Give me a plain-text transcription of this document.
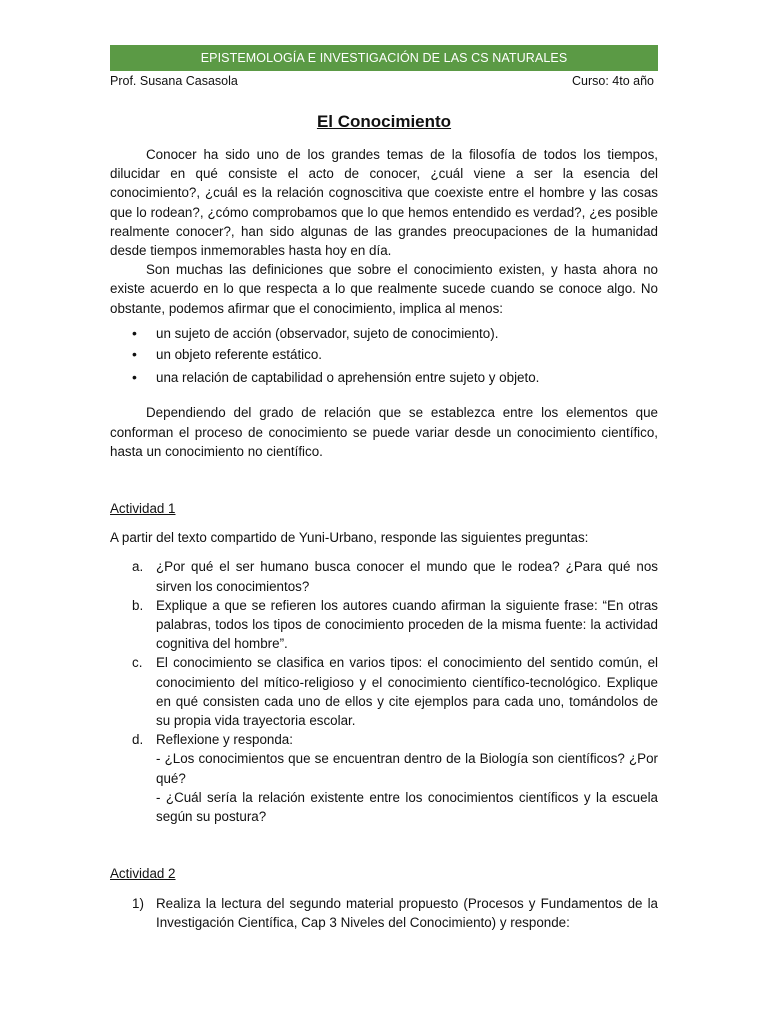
EPISTEMOLOGÍA E INVESTIGACIÓN DE LAS CS NATURALES
Prof. Susana Casasola	Curso: 4to año
El Conocimiento

Conocer ha sido uno de los grandes temas de la filosofía de todos los tiempos, dilucidar en qué consiste el acto de conocer, ¿cuál viene a ser la esencia del conocimiento?, ¿cuál es la relación cognoscitiva que coexiste entre el hombre y las cosas que lo rodean?, ¿cómo comprobamos que lo que hemos entendido es verdad?, ¿es posible realmente conocer?, han sido algunas de las grandes preocupaciones de la humanidad desde tiempos inmemorables hasta hoy en día.

Son muchas las definiciones que sobre el conocimiento existen, y hasta ahora no existe acuerdo en lo que respecta a lo que realmente sucede cuando se conoce algo. No obstante, podemos afirmar que el conocimiento, implica al menos:

• un sujeto de acción (observador, sujeto de conocimiento).
• un objeto referente estático.
• una relación de captabilidad o aprehensión entre sujeto y objeto.

Dependiendo del grado de relación que se establezca entre los elementos que conforman el proceso de conocimiento se puede variar desde un conocimiento científico, hasta un conocimiento no científico.

Actividad 1

A partir del texto compartido de Yuni-Urbano, responde las siguientes preguntas:

a. ¿Por qué el ser humano busca conocer el mundo que le rodea? ¿Para qué nos sirven los conocimientos?
b. Explique a que se refieren los autores cuando afirman la siguiente frase: “En otras palabras, todos los tipos de conocimiento proceden de la misma fuente: la actividad cognitiva del hombre”.
c. El conocimiento se clasifica en varios tipos: el conocimiento del sentido común, el conocimiento del mítico-religioso y el conocimiento científico-tecnológico. Explique en qué consisten cada uno de ellos y cite ejemplos para cada uno, tomándolos de su propia vida trayectoria escolar.
d. Reflexione y responda:
- ¿Los conocimientos que se encuentran dentro de la Biología son científicos? ¿Por qué?
- ¿Cuál sería la relación existente entre los conocimientos científicos y la escuela según su postura?

Actividad 2

1) Realiza la lectura del segundo material propuesto (Procesos y Fundamentos de la Investigación Científica, Cap 3 Niveles del Conocimiento) y responde:
